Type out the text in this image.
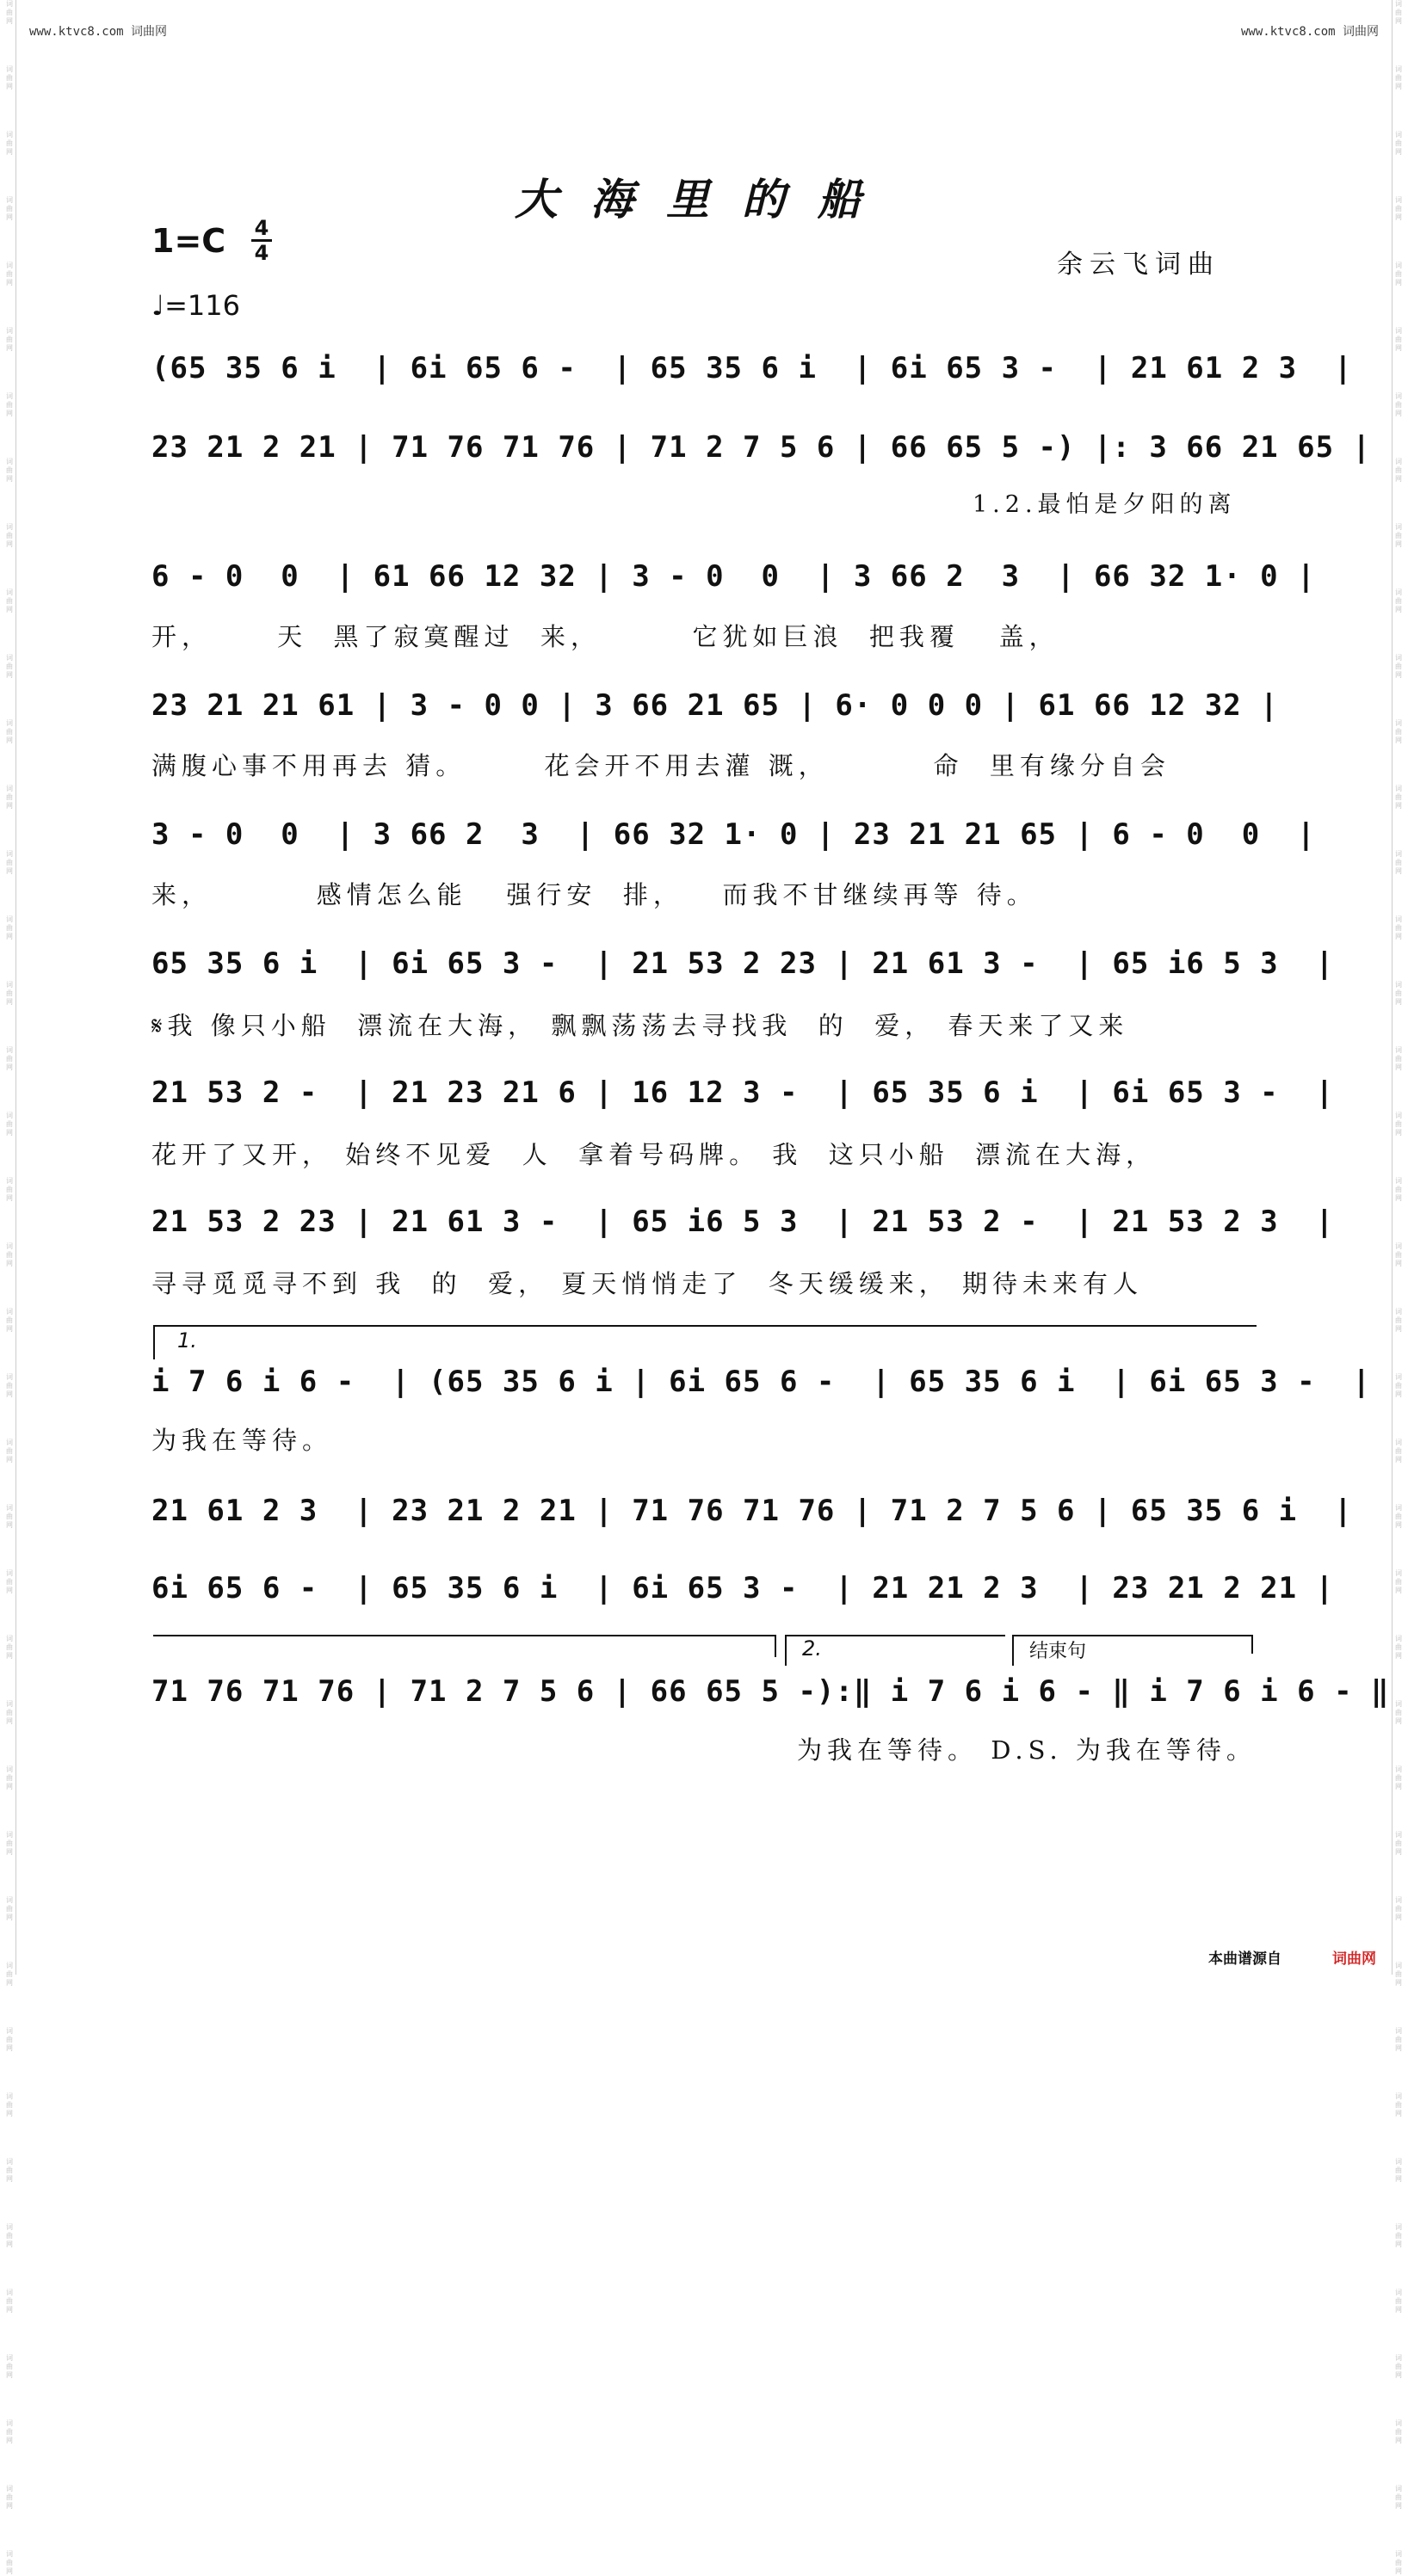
www.ktvc8.com 词曲网	www.ktvc8.com 词曲网
词曲网
词曲网
词曲网
词曲网
词曲网
词曲网
词曲网
词曲网
词曲网
词曲网
词曲网
词曲网
词曲网
词曲网
词曲网
词曲网
词曲网
词曲网
词曲网
词曲网
词曲网
词曲网
词曲网
词曲网
词曲网
词曲网
词曲网
词曲网
词曲网
词曲网
词曲网
词曲网
词曲网
词曲网
词曲网
词曲网
词曲网
词曲网
词曲网
词曲网
词曲网
词曲网
词曲网
词曲网
词曲网
词曲网
词曲网
词曲网
词曲网
词曲网
词曲网
词曲网
词曲网
词曲网
词曲网
词曲网
词曲网
词曲网
词曲网
词曲网
词曲网
词曲网
词曲网
词曲网
词曲网
词曲网
词曲网
词曲网
词曲网
词曲网
词曲网
词曲网
词曲网
词曲网
词曲网
词曲网
词曲网
词曲网
词曲网
词曲网
大海里的船
1=C 4
4
♩=116
余云飞词曲
(65 35 6 i  | 6i 65 6 -  | 65 35 6 i  | 6i 65 3 -  | 21 61 2 3  |
23 21 2 21 | 71 76 71 76 | 71 2 7 5 6 | 66 65 5 -) |: 3 66 21 65 |
1.2.最怕是夕阳的离
6 - 0  0  | 61 66 12 32 | 3 - 0  0  | 3 66 2  3  | 66 32 1· 0 |
开，     天  黑了寂寞醒过  来，       它犹如巨浪  把我覆   盖，
23 21 21 61 | 3 - 0 0 | 3 66 21 65 | 6· 0 0 0 | 61 66 12 32 |
满腹心事不用再去 猜。      花会开不用去灌 溉，        命  里有缘分自会
3 - 0  0  | 3 66 2  3  | 66 32 1· 0 | 23 21 21 65 | 6 - 0  0  |
来，        感情怎么能   强行安  排，   而我不甘继续再等 待。
65 35 6 i  | 6i 65 3 -  | 21 53 2 23 | 21 61 3 -  | 65 i6 5 3  |
𝄋我 像只小船  漂流在大海， 飘飘荡荡去寻找我  的  爱， 春天来了又来
21 53 2 -  | 21 23 21 6 | 16 12 3 -  | 65 35 6 i  | 6i 65 3 -  |
花开了又开， 始终不见爱  人  拿着号码牌。 我  这只小船  漂流在大海，
21 53 2 23 | 21 61 3 -  | 65 i6 5 3  | 21 53 2 -  | 21 53 2 3  |
寻寻觅觅寻不到 我  的  爱， 夏天悄悄走了  冬天缓缓来， 期待未来有人
1.
i 7 6 i 6 -  | (65 35 6 i | 6i 65 6 -  | 65 35 6 i  | 6i 65 3 -  |
为我在等待。
21 61 2 3  | 23 21 2 21 | 71 76 71 76 | 71 2 7 5 6 | 65 35 6 i  |
6i 65 6 -  | 65 35 6 i  | 6i 65 3 -  | 21 21 2 3  | 23 21 2 21 |
2.	结束句
71 76 71 76 | 71 2 7 5 6 | 66 65 5 -):‖ i 7 6 i 6 - ‖ i 7 6 i 6 - ‖
为我在等待。 D.S. 为我在等待。
本曲谱源自	词曲网
